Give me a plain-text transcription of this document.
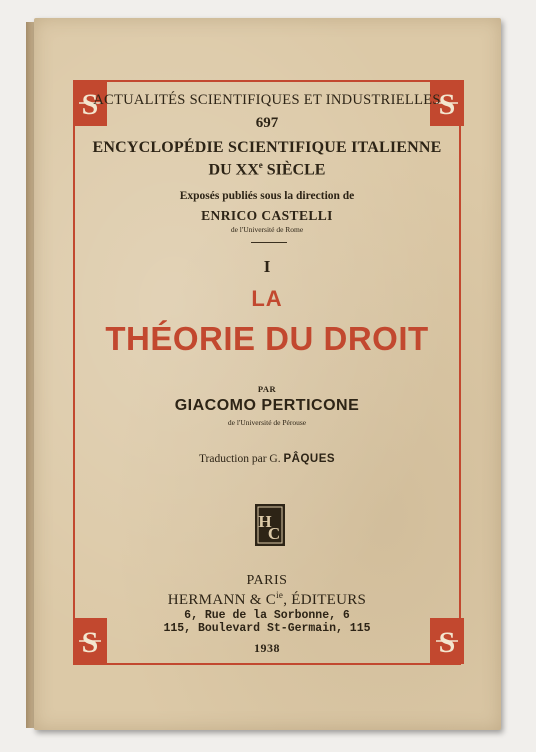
S	S
S	S
ACTUALITÉS SCIENTIFIQUES ET INDUSTRIELLES
697
ENCYCLOPÉDIE SCIENTIFIQUE ITALIENNE
DU XXe SIÈCLE
Exposés publiés sous la direction de
ENRICO CASTELLI
de l'Université de Rome
I
LA
THÉORIE DU DROIT
PAR
GIACOMO PERTICONE
de l'Université de Pérouse
Traduction par G. PÂQUES
H
C
PARIS
HERMANN & $C^{ie}$, ÉDITEURS
6, Rue de la Sorbonne, 6
115, Boulevard St-Germain, 115
1938
